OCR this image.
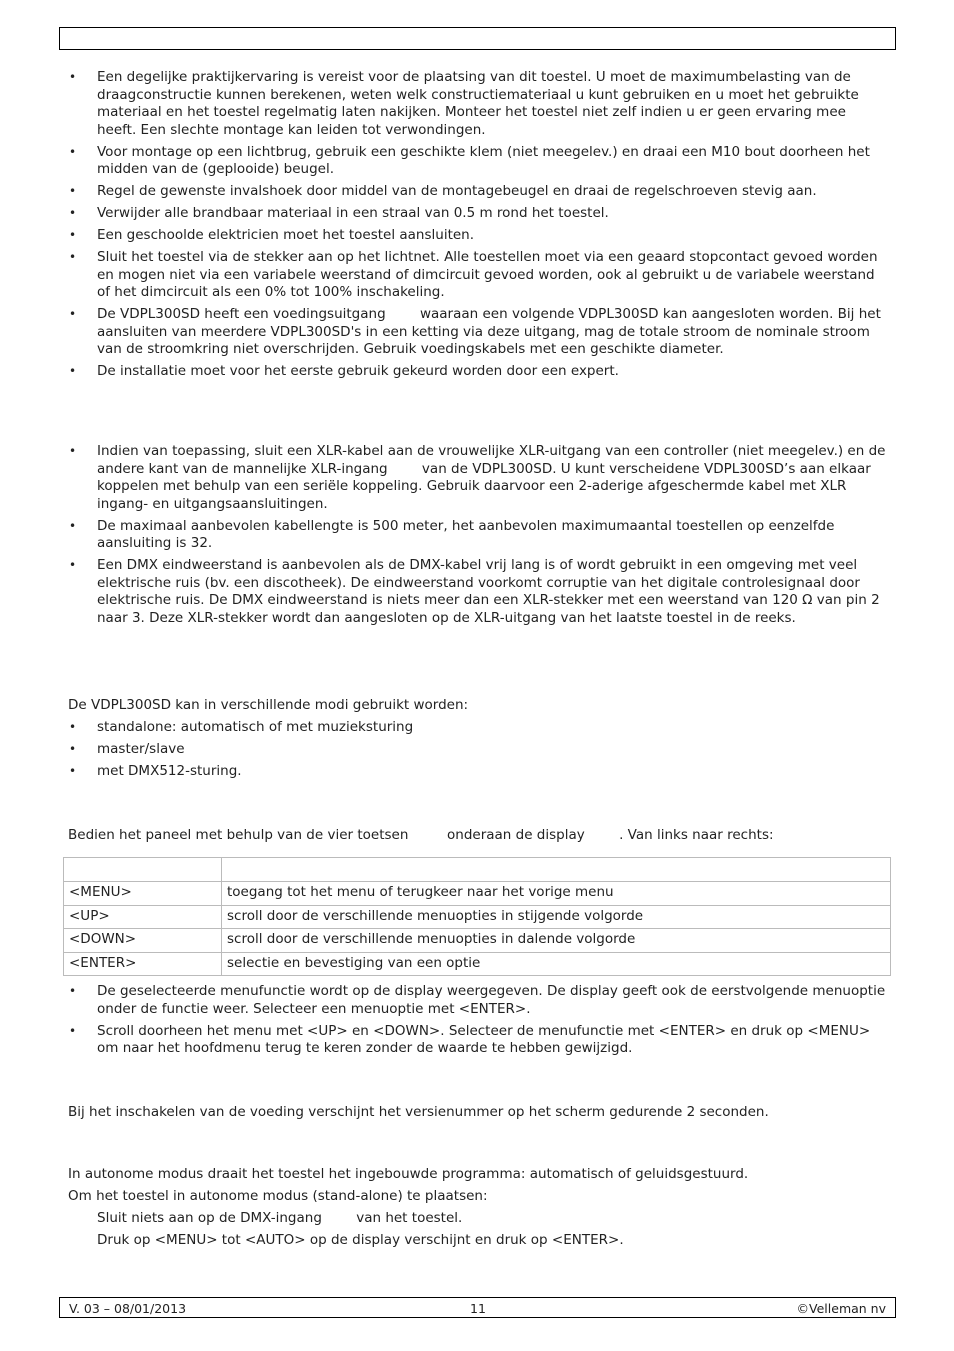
• Een degelijke praktijkervaring is vereist voor de plaatsing van dit toestel. U moet de maximumbelasting van de draagconstructie kunnen berekenen, weten welk constructiemateriaal u kunt gebruiken en u moet het gebruikte materiaal en het toestel regelmatig laten nakijken. Monteer het toestel niet zelf indien u er geen ervaring mee heeft. Een slechte montage kan leiden tot verwondingen.
• Voor montage op een lichtbrug, gebruik een geschikte klem (niet meegelev.) en draai een M10 bout doorheen het midden van de (geplooide) beugel.
• Regel de gewenste invalshoek door middel van de montagebeugel en draai de regelschroeven stevig aan.
• Verwijder alle brandbaar materiaal in een straal van 0.5 m rond het toestel.
• Een geschoolde elektricien moet het toestel aansluiten.
• Sluit het toestel via de stekker aan op het lichtnet. Alle toestellen moet via een geaard stopcontact gevoed worden en mogen niet via een variabele weerstand of dimcircuit gevoed worden, ook al gebruikt u de variabele weerstand of het dimcircuit als een 0% tot 100% inschakeling.
• De VDPL300SD heeft een voedingsuitgang        waaraan een volgende VDPL300SD kan aangesloten worden. Bij het aansluiten van meerdere VDPL300SD's in een ketting via deze uitgang, mag de totale stroom de nominale stroom van de stroomkring niet overschrijden. Gebruik voedingskabels met een geschikte diameter.
• De installatie moet voor het eerste gebruik gekeurd worden door een expert.
• Indien van toepassing, sluit een XLR-kabel aan de vrouwelijke XLR-uitgang van een controller (niet meegelev.) en de andere kant van de mannelijke XLR-ingang        van de VDPL300SD. U kunt verscheidene VDPL300SD’s aan elkaar koppelen met behulp van een seriële koppeling. Gebruik daarvoor een 2-aderige afgeschermde kabel met XLR ingang- en uitgangsaansluitingen.
• De maximaal aanbevolen kabellengte is 500 meter, het aanbevolen maximumaantal toestellen op eenzelfde aansluiting is 32.
• Een DMX eindweerstand is aanbevolen als de DMX-kabel vrij lang is of wordt gebruikt in een omgeving met veel elektrische ruis (bv. een discotheek). De eindweerstand voorkomt corruptie van het digitale controlesignaal door elektrische ruis. De DMX eindweerstand is niets meer dan een XLR-stekker met een weerstand van 120 Ω van pin 2 naar 3. Deze XLR-stekker wordt dan aangesloten op de XLR-uitgang van het laatste toestel in de reeks.

De VDPL300SD kan in verschillende modi gebruikt worden:

• standalone: automatisch of met muzieksturing
• master/slave
• met DMX512-sturing.

Bedien het paneel met behulp van de vier toetsen         onderaan de display        . Van links naar rechts:

<MENU>	toegang tot het menu of terugkeer naar het vorige menu
<UP>	scroll door de verschillende menuopties in stijgende volgorde
<DOWN>	scroll door de verschillende menuopties in dalende volgorde
<ENTER>	selectie en bevestiging van een optie
• De geselecteerde menufunctie wordt op de display weergegeven. De display geeft ook de eerstvolgende menuoptie onder de functie weer. Selecteer een menuoptie met <ENTER>.
• Scroll doorheen het menu met <UP> en <DOWN>. Selecteer de menufunctie met <ENTER> en druk op <MENU> om naar het hoofdmenu terug te keren zonder de waarde te hebben gewijzigd.

Bij het inschakelen van de voeding verschijnt het versienummer op het scherm gedurende 2 seconden.

In autonome modus draait het toestel het ingebouwde programma: automatisch of geluidsgestuurd.

Om het toestel in autonome modus (stand-alone) te plaatsen:

Sluit niets aan op de DMX-ingang        van het toestel.

Druk op <MENU> tot <AUTO> op de display verschijnt en druk op <ENTER>.

V. 03 – 08/01/2013	11	©Velleman nv
